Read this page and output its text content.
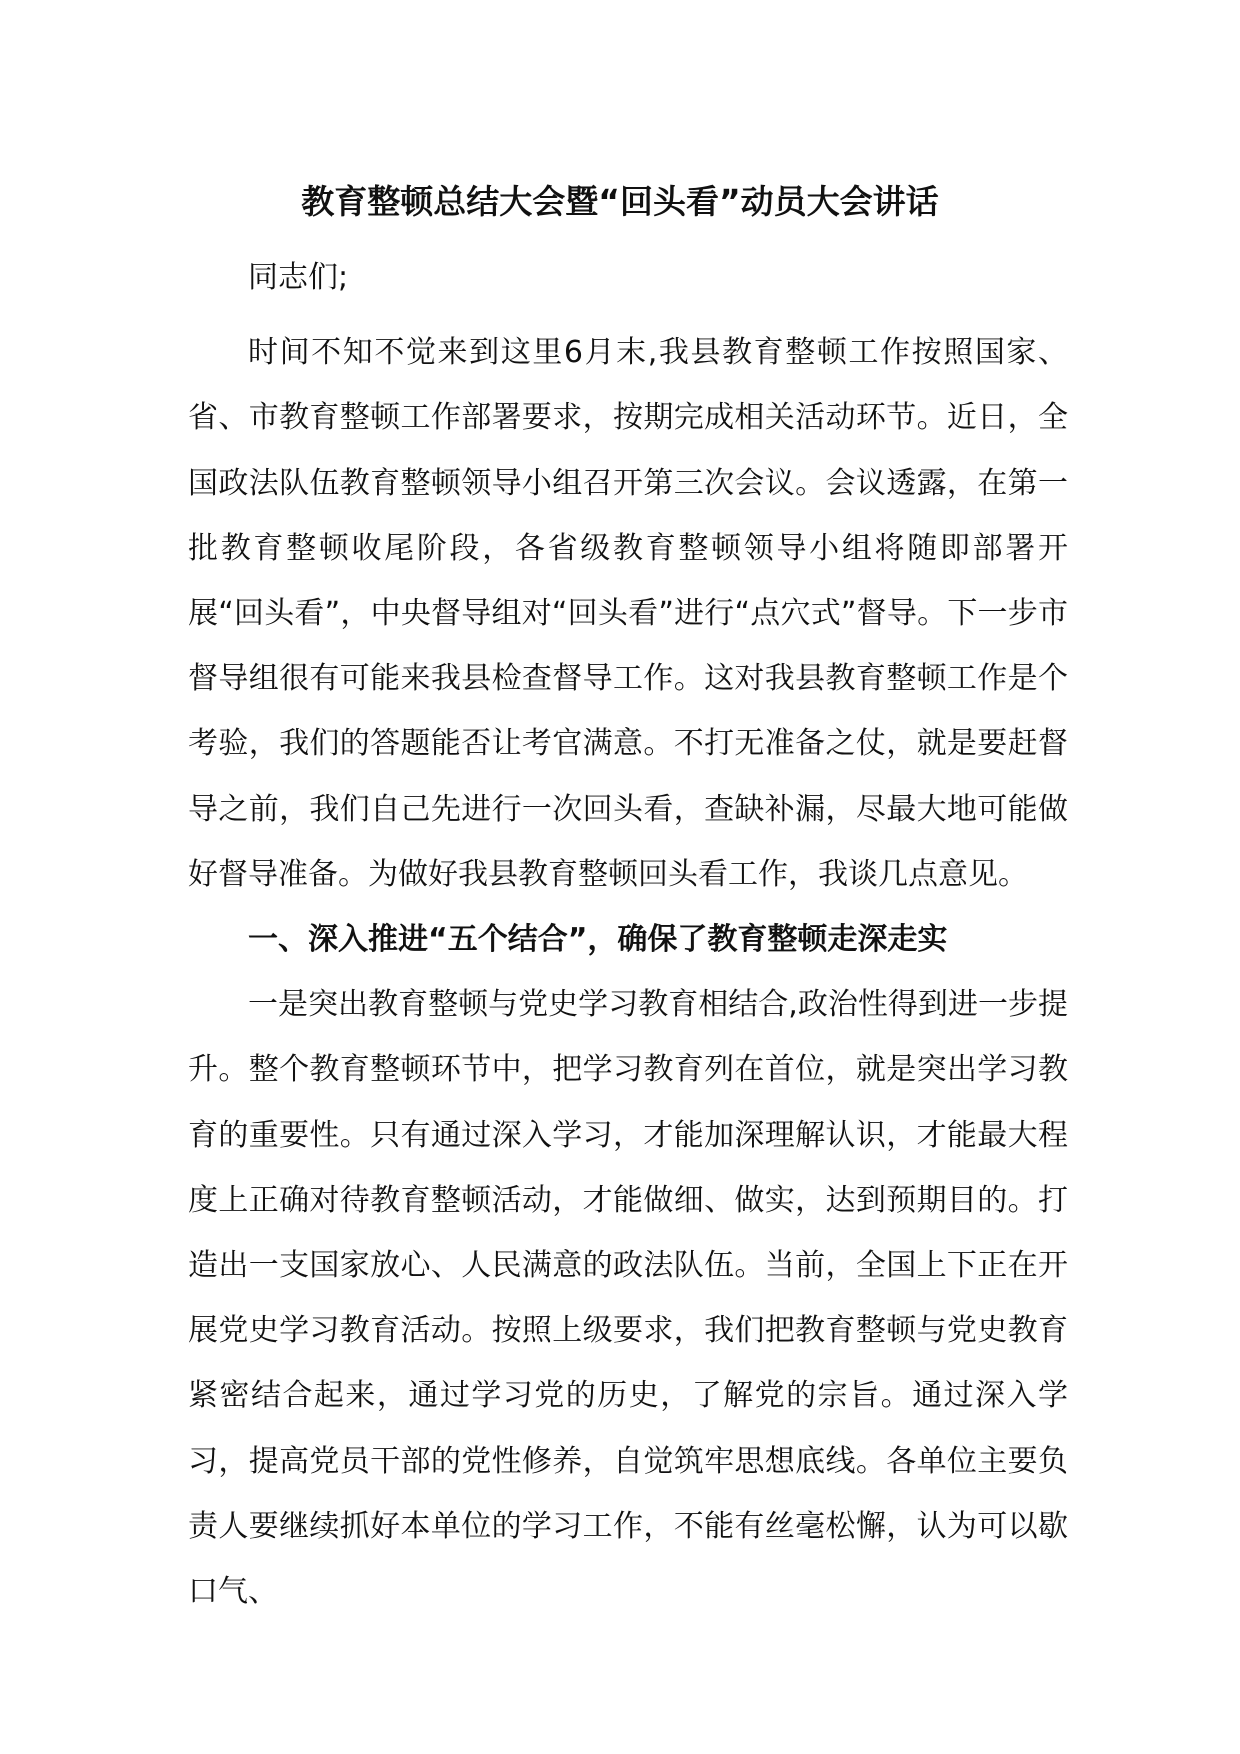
教育整顿总结大会暨“回头看”动员大会讲话

同志们;

时间不知不觉来到这里6月末,我县教育整顿工作按照国家、省、市教育整顿工作部署要求，按期完成相关活动环节。近日，全国政法队伍教育整顿领导小组召开第三次会议。会议透露，在第一批教育整顿收尾阶段，各省级教育整顿领导小组将随即部署开展“回头看”，中央督导组对“回头看”进行“点穴式”督导。下一步市督导组很有可能来我县检查督导工作。这对我县教育整顿工作是个考验，我们的答题能否让考官满意。不打无准备之仗，就是要赶督导之前，我们自己先进行一次回头看，查缺补漏，尽最大地可能做好督导准备。为做好我县教育整顿回头看工作，我谈几点意见。

一、深入推进“五个结合”，确保了教育整顿走深走实

一是突出教育整顿与党史学习教育相结合,政治性得到进一步提升。整个教育整顿环节中，把学习教育列在首位，就是突出学习教育的重要性。只有通过深入学习，才能加深理解认识，才能最大程度上正确对待教育整顿活动，才能做细、做实，达到预期目的。打造出一支国家放心、人民满意的政法队伍。当前，全国上下正在开展党史学习教育活动。按照上级要求，我们把教育整顿与党史教育紧密结合起来，通过学习党的历史，了解党的宗旨。通过深入学习，提高党员干部的党性修养，自觉筑牢思想底线。各单位主要负责人要继续抓好本单位的学习工作，不能有丝毫松懈，认为可以歇口气、
